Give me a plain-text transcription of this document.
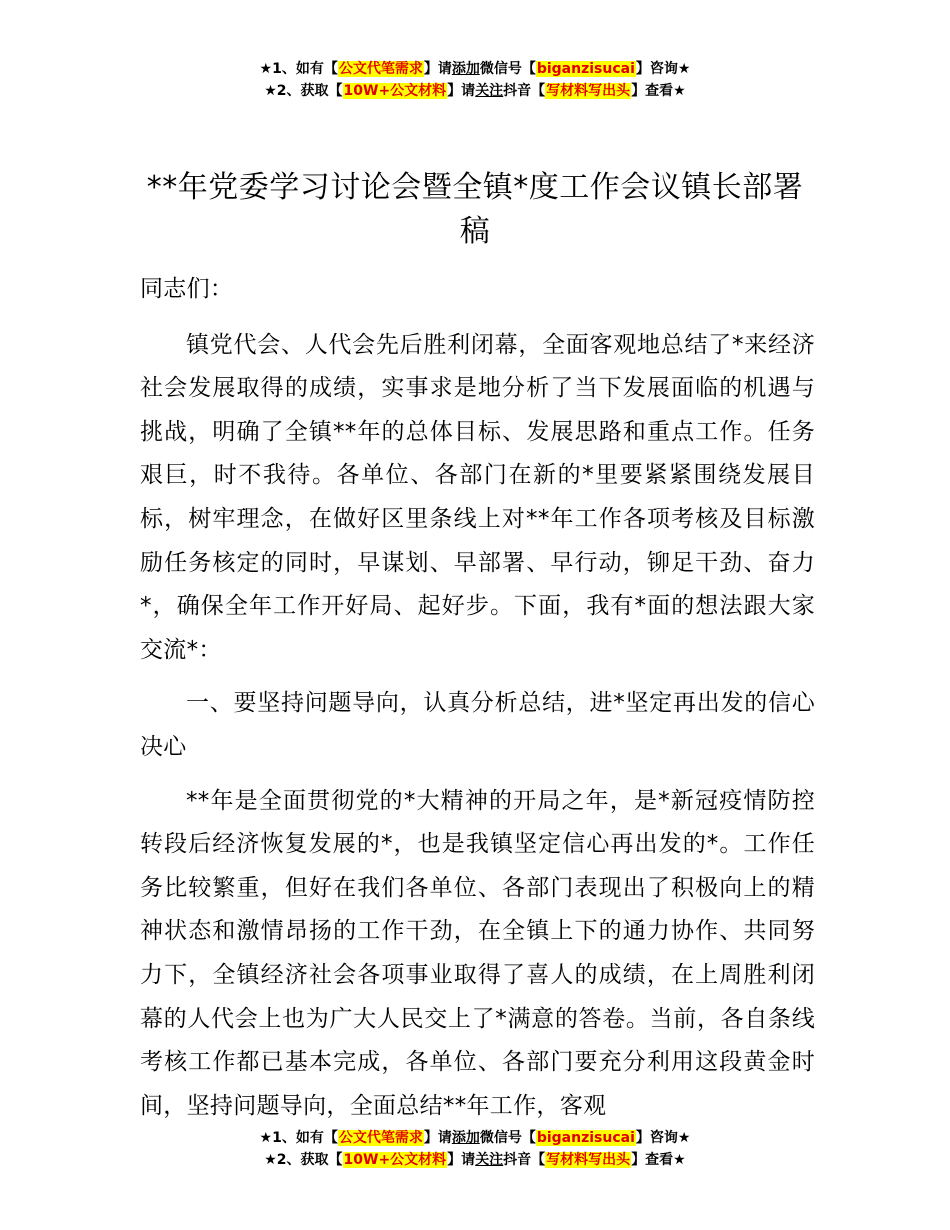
★1、如有【公文代笔需求】请添加微信号【biganzisucai】咨询★
★2、获取【10W+公文材料】请关注抖音【写材料写出头】查看★
**年党委学习讨论会暨全镇*度工作会议镇长部署稿

同志们：

镇党代会、人代会先后胜利闭幕，全面客观地总结了*来经济社会发展取得的成绩，实事求是地分析了当下发展面临的机遇与挑战，明确了全镇**年的总体目标、发展思路和重点工作。任务艰巨，时不我待。各单位、各部门在新的*里要紧紧围绕发展目标，树牢理念，在做好区里条线上对**年工作各项考核及目标激励任务核定的同时，早谋划、早部署、早行动，铆足干劲、奋力*，确保全年工作开好局、起好步。下面，我有*面的想法跟大家交流*：

一、要坚持问题导向，认真分析总结，进*坚定再出发的信心决心

**年是全面贯彻党的*大精神的开局之年，是*新冠疫情防控转段后经济恢复发展的*，也是我镇坚定信心再出发的*。工作任务比较繁重，但好在我们各单位、各部门表现出了积极向上的精神状态和激情昂扬的工作干劲，在全镇上下的通力协作、共同努力下，全镇经济社会各项事业取得了喜人的成绩，在上周胜利闭幕的人代会上也为广大人民交上了*满意的答卷。当前，各自条线考核工作都已基本完成，各单位、各部门要充分利用这段黄金时间，坚持问题导向，全面总结**年工作，客观

★1、如有【公文代笔需求】请添加微信号【biganzisucai】咨询★
★2、获取【10W+公文材料】请关注抖音【写材料写出头】查看★
